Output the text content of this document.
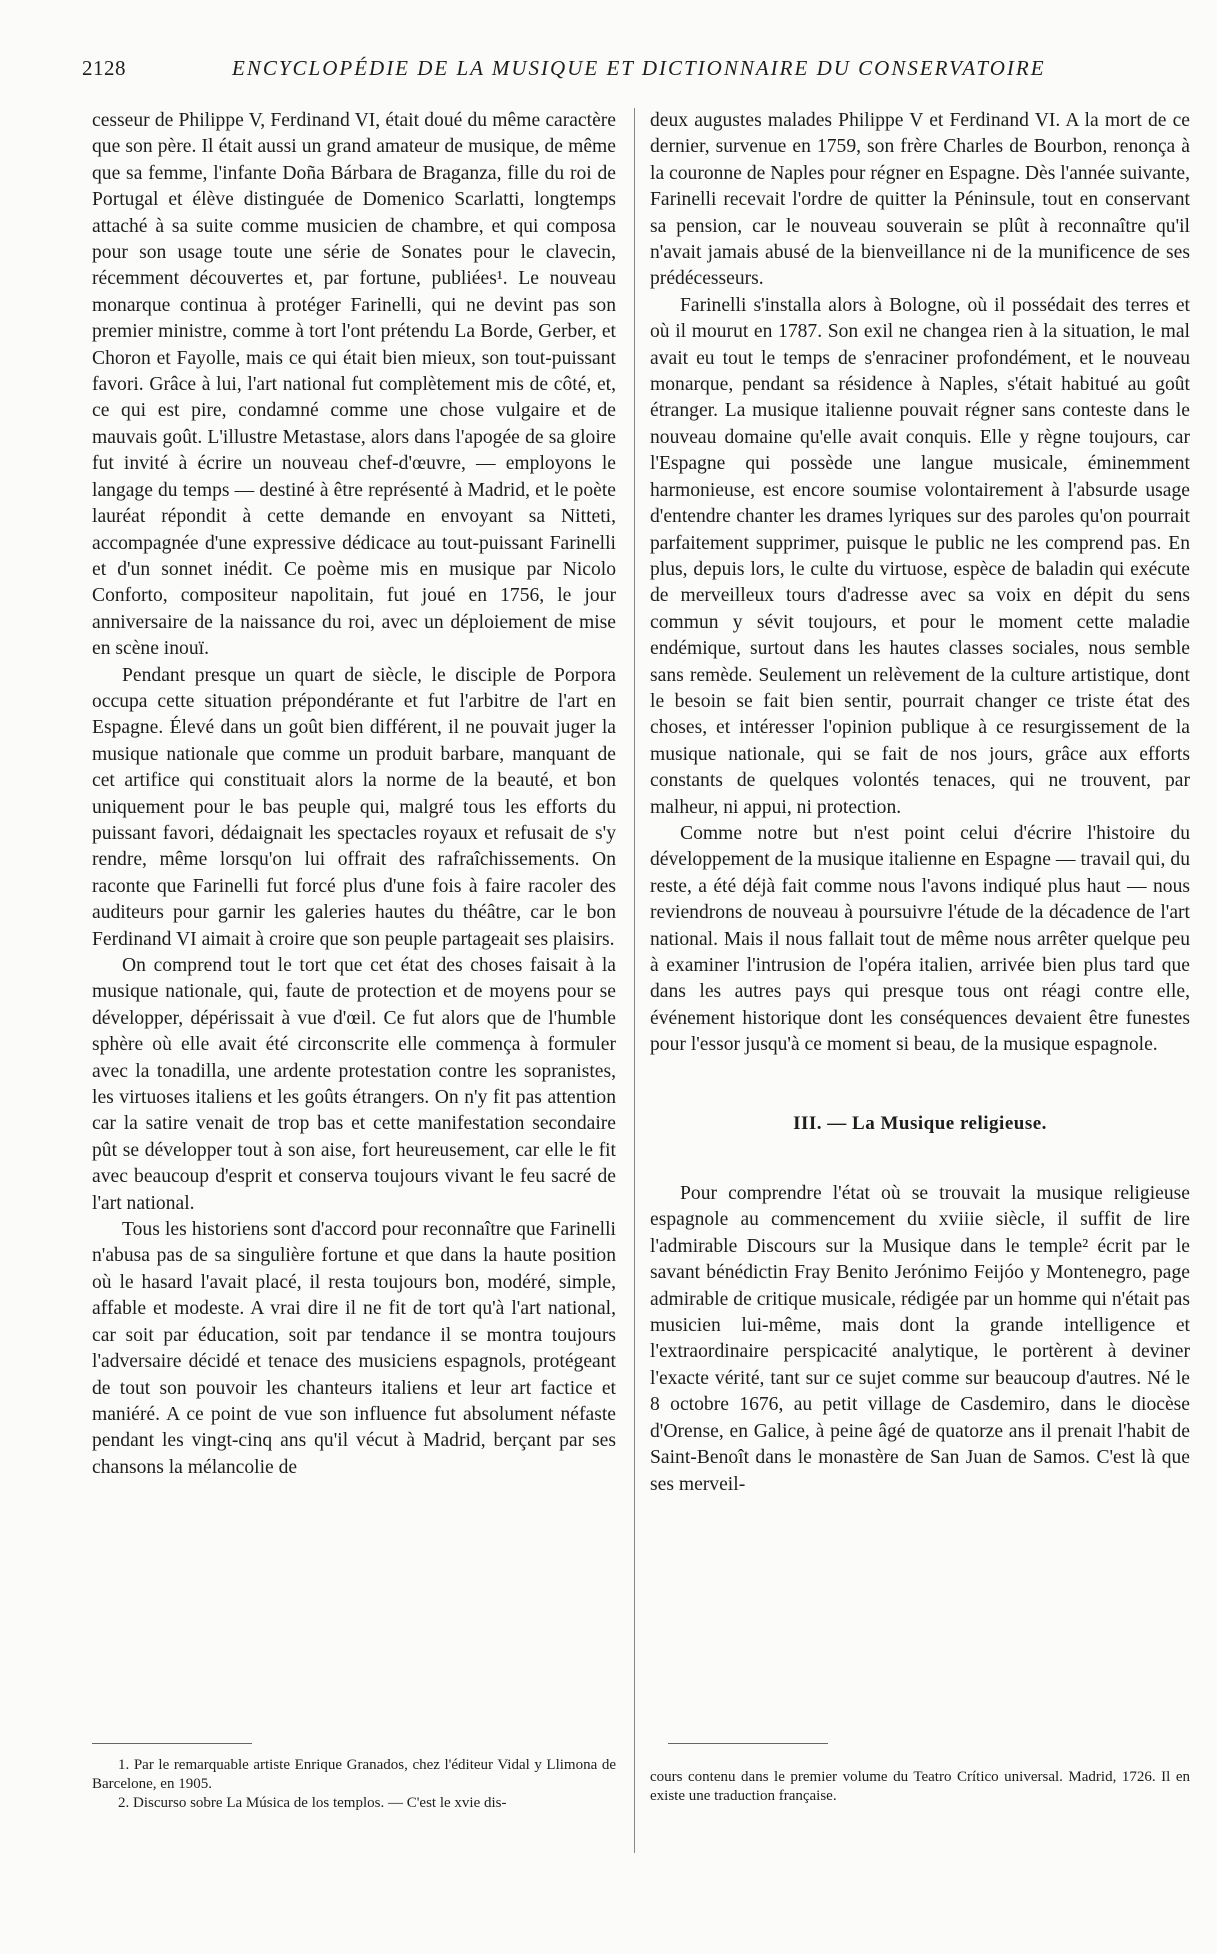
2128	ENCYCLOPÉDIE DE LA MUSIQUE ET DICTIONNAIRE DU CONSERVATOIRE

cesseur de Philippe V, Ferdinand VI, était doué du même caractère que son père. Il était aussi un grand amateur de musique, de même que sa femme, l'infante Doña Bárbara de Braganza, fille du roi de Portugal et élève distinguée de Domenico Scarlatti, longtemps attaché à sa suite comme musicien de chambre, et qui composa pour son usage toute une série de Sonates pour le clavecin, récemment découvertes et, par fortune, publiées¹. Le nouveau monarque continua à protéger Farinelli, qui ne devint pas son premier ministre, comme à tort l'ont prétendu La Borde, Gerber, et Choron et Fayolle, mais ce qui était bien mieux, son tout-puissant favori. Grâce à lui, l'art national fut complètement mis de côté, et, ce qui est pire, condamné comme une chose vulgaire et de mauvais goût. L'illustre Metastase, alors dans l'apogée de sa gloire fut invité à écrire un nouveau chef-d'œuvre, — employons le langage du temps — destiné à être représenté à Madrid, et le poète lauréat répondit à cette demande en envoyant sa Nitteti, accompagnée d'une expressive dédicace au tout-puissant Farinelli et d'un sonnet inédit. Ce poème mis en musique par Nicolo Conforto, compositeur napolitain, fut joué en 1756, le jour anniversaire de la naissance du roi, avec un déploiement de mise en scène inouï.

Pendant presque un quart de siècle, le disciple de Porpora occupa cette situation prépondérante et fut l'arbitre de l'art en Espagne. Élevé dans un goût bien différent, il ne pouvait juger la musique nationale que comme un produit barbare, manquant de cet artifice qui constituait alors la norme de la beauté, et bon uniquement pour le bas peuple qui, malgré tous les efforts du puissant favori, dédaignait les spectacles royaux et refusait de s'y rendre, même lorsqu'on lui offrait des rafraîchissements. On raconte que Farinelli fut forcé plus d'une fois à faire racoler des auditeurs pour garnir les galeries hautes du théâtre, car le bon Ferdinand VI aimait à croire que son peuple partageait ses plaisirs.

On comprend tout le tort que cet état des choses faisait à la musique nationale, qui, faute de protection et de moyens pour se développer, dépérissait à vue d'œil. Ce fut alors que de l'humble sphère où elle avait été circonscrite elle commença à formuler avec la tonadilla, une ardente protestation contre les sopranistes, les virtuoses italiens et les goûts étrangers. On n'y fit pas attention car la satire venait de trop bas et cette manifestation secondaire pût se développer tout à son aise, fort heureusement, car elle le fit avec beaucoup d'esprit et conserva toujours vivant le feu sacré de l'art national.

Tous les historiens sont d'accord pour reconnaître que Farinelli n'abusa pas de sa singulière fortune et que dans la haute position où le hasard l'avait placé, il resta toujours bon, modéré, simple, affable et modeste. A vrai dire il ne fit de tort qu'à l'art national, car soit par éducation, soit par tendance il se montra toujours l'adversaire décidé et tenace des musiciens espagnols, protégeant de tout son pouvoir les chanteurs italiens et leur art factice et maniéré. A ce point de vue son influence fut absolument néfaste pendant les vingt-cinq ans qu'il vécut à Madrid, berçant par ses chansons la mélancolie de

deux augustes malades Philippe V et Ferdinand VI. A la mort de ce dernier, survenue en 1759, son frère Charles de Bourbon, renonça à la couronne de Naples pour régner en Espagne. Dès l'année suivante, Farinelli recevait l'ordre de quitter la Péninsule, tout en conservant sa pension, car le nouveau souverain se plût à reconnaître qu'il n'avait jamais abusé de la bienveillance ni de la munificence de ses prédécesseurs.

Farinelli s'installa alors à Bologne, où il possédait des terres et où il mourut en 1787. Son exil ne changea rien à la situation, le mal avait eu tout le temps de s'enraciner profondément, et le nouveau monarque, pendant sa résidence à Naples, s'était habitué au goût étranger. La musique italienne pouvait régner sans conteste dans le nouveau domaine qu'elle avait conquis. Elle y règne toujours, car l'Espagne qui possède une langue musicale, éminemment harmonieuse, est encore soumise volontairement à l'absurde usage d'entendre chanter les drames lyriques sur des paroles qu'on pourrait parfaitement supprimer, puisque le public ne les comprend pas. En plus, depuis lors, le culte du virtuose, espèce de baladin qui exécute de merveilleux tours d'adresse avec sa voix en dépit du sens commun y sévit toujours, et pour le moment cette maladie endémique, surtout dans les hautes classes sociales, nous semble sans remède. Seulement un relèvement de la culture artistique, dont le besoin se fait bien sentir, pourrait changer ce triste état des choses, et intéresser l'opinion publique à ce resurgissement de la musique nationale, qui se fait de nos jours, grâce aux efforts constants de quelques volontés tenaces, qui ne trouvent, par malheur, ni appui, ni protection.

Comme notre but n'est point celui d'écrire l'histoire du développement de la musique italienne en Espagne — travail qui, du reste, a été déjà fait comme nous l'avons indiqué plus haut — nous reviendrons de nouveau à poursuivre l'étude de la décadence de l'art national. Mais il nous fallait tout de même nous arrêter quelque peu à examiner l'intrusion de l'opéra italien, arrivée bien plus tard que dans les autres pays qui presque tous ont réagi contre elle, événement historique dont les conséquences devaient être funestes pour l'essor jusqu'à ce moment si beau, de la musique espagnole.

III. — La Musique religieuse.

Pour comprendre l'état où se trouvait la musique religieuse espagnole au commencement du xviiie siècle, il suffit de lire l'admirable Discours sur la Musique dans le temple² écrit par le savant bénédictin Fray Benito Jerónimo Feijóo y Montenegro, page admirable de critique musicale, rédigée par un homme qui n'était pas musicien lui-même, mais dont la grande intelligence et l'extraordinaire perspicacité analytique, le portèrent à deviner l'exacte vérité, tant sur ce sujet comme sur beaucoup d'autres. Né le 8 octobre 1676, au petit village de Casdemiro, dans le diocèse d'Orense, en Galice, à peine âgé de quatorze ans il prenait l'habit de Saint-Benoît dans le monastère de San Juan de Samos. C'est là que ses merveil-

1. Par le remarquable artiste Enrique Granados, chez l'éditeur Vidal y Llimona de Barcelone, en 1905.

2. Discurso sobre La Música de los templos. — C'est le xvie dis-

cours contenu dans le premier volume du Teatro Crítico universal. Madrid, 1726. Il en existe une traduction française.
